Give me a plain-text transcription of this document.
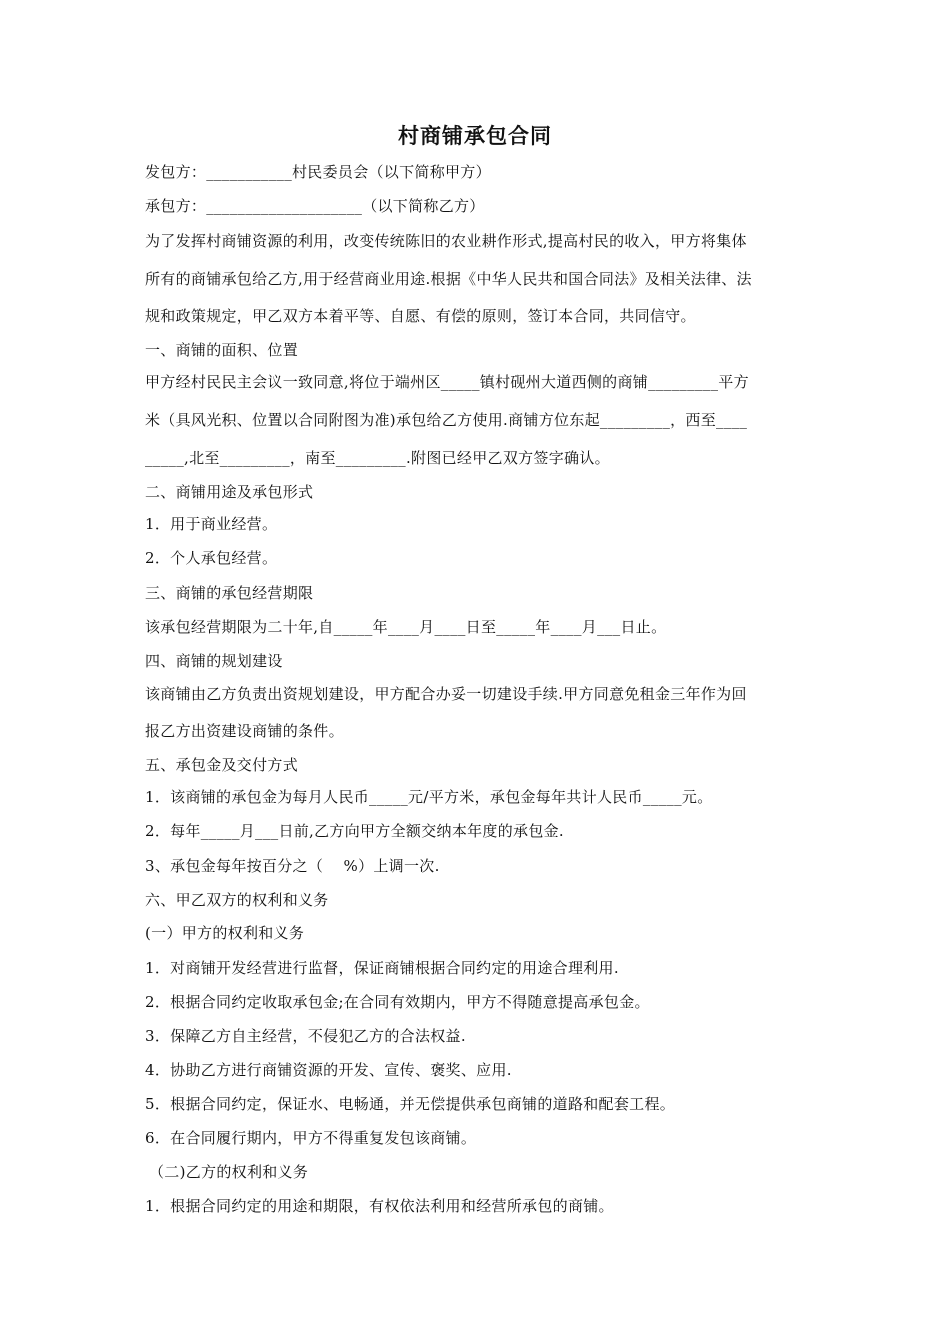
村商铺承包合同
发包方：___________村民委员会（以下简称甲方）
承包方：____________________（以下简称乙方）
为了发挥村商铺资源的利用，改变传统陈旧的农业耕作形式,提高村民的收入，甲方将集体
所有的商铺承包给乙方,用于经营商业用途.根据《中华人民共和国合同法》及相关法律、法
规和政策规定，甲乙双方本着平等、自愿、有偿的原则，签订本合同，共同信守。
一、商铺的面积、位置
甲方经村民民主会议一致同意,将位于端州区_____镇村砚州大道西侧的商铺_________平方
米（具风光积、位置以合同附图为准)承包给乙方使用.商铺方位东起_________，西至____
_____,北至_________，南至_________.附图已经甲乙双方签字确认。
二、商铺用途及承包形式
1．用于商业经营。
2．个人承包经营。
三、商铺的承包经营期限
该承包经营期限为二十年,自_____年____月____日至_____年____月___日止。
四、商铺的规划建设
该商铺由乙方负责出资规划建设，甲方配合办妥一切建设手续.甲方同意免租金三年作为回
报乙方出资建设商铺的条件。
五、承包金及交付方式
1．该商铺的承包金为每月人民币_____元/平方米，承包金每年共计人民币_____元。
2．每年_____月___日前,乙方向甲方全额交纳本年度的承包金.
3、承包金每年按百分之（　 %）上调一次.
六、甲乙双方的权利和义务
(一）甲方的权利和义务
1．对商铺开发经营进行监督，保证商铺根据合同约定的用途合理利用.
2．根据合同约定收取承包金;在合同有效期内，甲方不得随意提高承包金。
3．保障乙方自主经营，不侵犯乙方的合法权益.
4．协助乙方进行商铺资源的开发、宣传、褒奖、应用.
5．根据合同约定，保证水、电畅通，并无偿提供承包商铺的道路和配套工程。
6．在合同履行期内，甲方不得重复发包该商铺。
（二)乙方的权利和义务
1．根据合同约定的用途和期限，有权依法利用和经营所承包的商铺。
